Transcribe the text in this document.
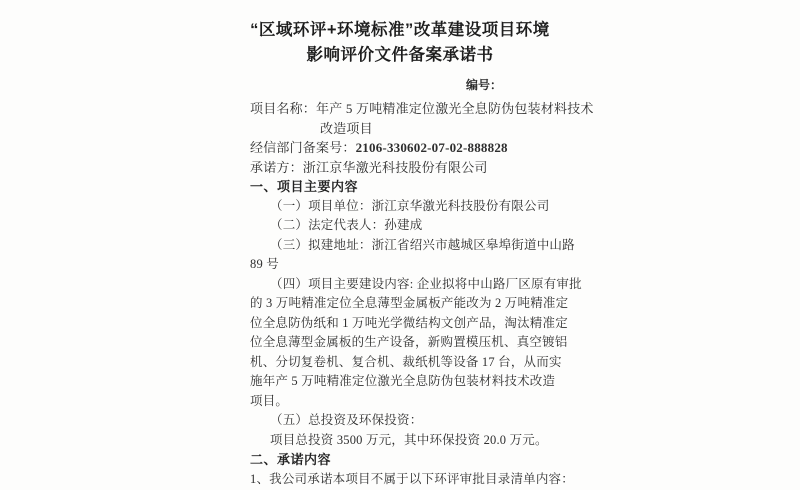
“区域环评+环境标准”改革建设项目环境
影响评价文件备案承诺书
编号：
项目名称：年产 5 万吨精准定位激光全息防伪包装材料技术
改造项目
经信部门备案号：2106-330602-07-02-888828
承诺方：浙江京华激光科技股份有限公司
一、项目主要内容
（一）项目单位：浙江京华激光科技股份有限公司
（二）法定代表人：孙建成
（三）拟建地址：浙江省绍兴市越城区皋埠街道中山路
89 号
（四）项目主要建设内容: 企业拟将中山路厂区原有审批
的 3 万吨精准定位全息薄型金属板产能改为 2 万吨精准定
位全息防伪纸和 1 万吨光学微结构文创产品，淘汰精准定
位全息薄型金属板的生产设备，新购置模压机、真空镀铝
机、分切复卷机、复合机、裁纸机等设备 17 台，从而实
施年产 5 万吨精准定位激光全息防伪包装材料技术改造
项目。
（五）总投资及环保投资：
项目总投资 3500 万元，其中环保投资 20.0 万元。
二、承诺内容
1、我公司承诺本项目不属于以下环评审批目录清单内容：
